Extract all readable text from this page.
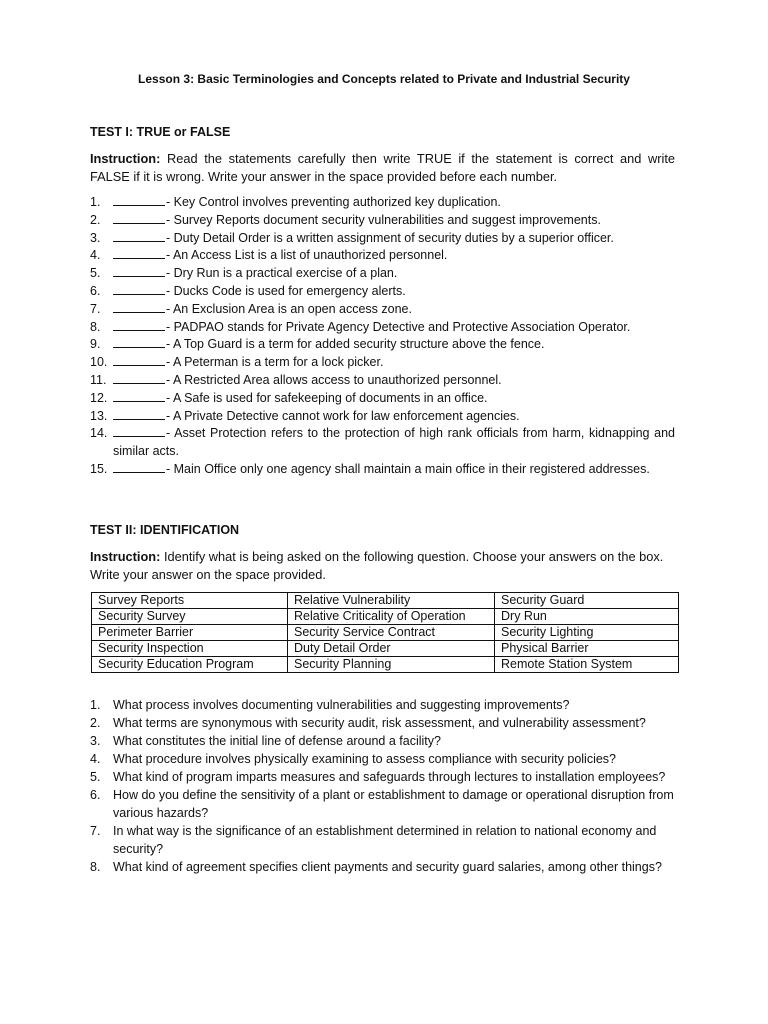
Lesson 3: Basic Terminologies and Concepts related to Private and Industrial Security
TEST I: TRUE or FALSE
Instruction: Read the statements carefully then write TRUE if the statement is correct and write FALSE if it is wrong. Write your answer in the space provided before each number.
1.	- Key Control involves preventing authorized key duplication.
2.	- Survey Reports document security vulnerabilities and suggest improvements.
3.	- Duty Detail Order is a written assignment of security duties by a superior officer.
4.	- An Access List is a list of unauthorized personnel.
5.	- Dry Run is a practical exercise of a plan.
6.	- Ducks Code is used for emergency alerts.
7.	- An Exclusion Area is an open access zone.
8.	- PADPAO stands for Private Agency Detective and Protective Association Operator.
9.	- A Top Guard is a term for added security structure above the fence.
10.	- A Peterman is a term for a lock picker.
11.	- A Restricted Area allows access to unauthorized personnel.
12.	- A Safe is used for safekeeping of documents in an office.
13.	- A Private Detective cannot work for law enforcement agencies.
14.	- Asset Protection refers to the protection of high rank officials from harm, kidnapping and similar acts.
15.	- Main Office only one agency shall maintain a main office in their registered addresses.
TEST II: IDENTIFICATION
Instruction: Identify what is being asked on the following question. Choose your answers on the box. Write your answer on the space provided.
Survey Reports	Relative Vulnerability	Security Guard
Security Survey	Relative Criticality of Operation	Dry Run
Perimeter Barrier	Security Service Contract	Security Lighting
Security Inspection	Duty Detail Order	Physical Barrier
Security Education Program	Security Planning	Remote Station System
1. What process involves documenting vulnerabilities and suggesting improvements?
2. What terms are synonymous with security audit, risk assessment, and vulnerability assessment?
3. What constitutes the initial line of defense around a facility?
4. What procedure involves physically examining to assess compliance with security policies?
5. What kind of program imparts measures and safeguards through lectures to installation employees?
6. How do you define the sensitivity of a plant or establishment to damage or operational disruption from various hazards?
7. In what way is the significance of an establishment determined in relation to national economy and security?
8. What kind of agreement specifies client payments and security guard salaries, among other things?
